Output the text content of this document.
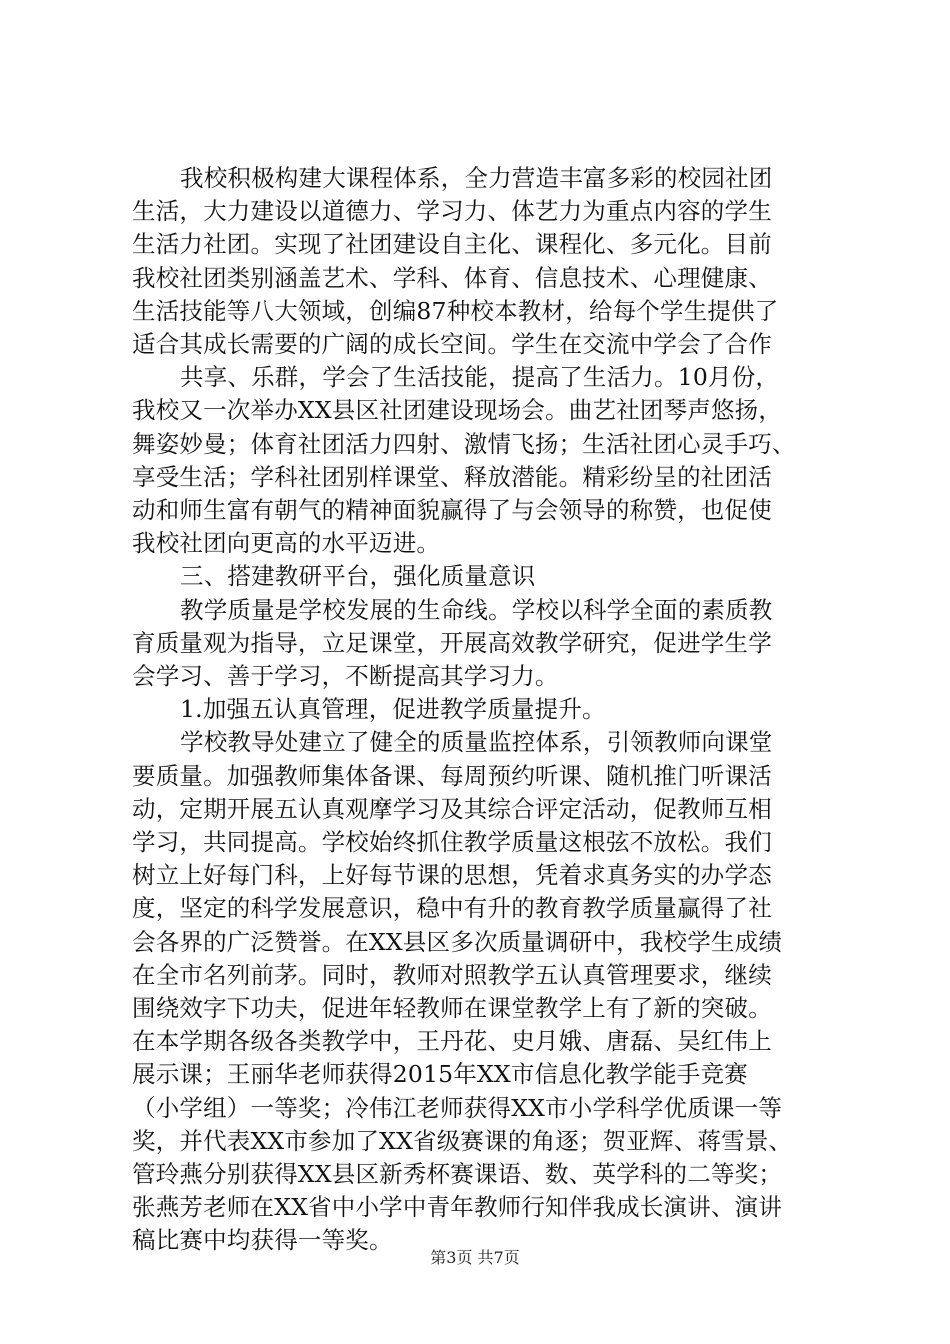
我校积极构建大课程体系，全力营造丰富多彩的校园社团
生活，大力建设以道德力、学习力、体艺力为重点内容的学生
生活力社团。实现了社团建设自主化、课程化、多元化。目前
我校社团类别涵盖艺术、学科、体育、信息技术、心理健康、
生活技能等八大领域，创编87种校本教材，给每个学生提供了
适合其成长需要的广阔的成长空间。学生在交流中学会了合作
共享、乐群，学会了生活技能，提高了生活力。10月份，
我校又一次举办XX县区社团建设现场会。曲艺社团琴声悠扬，
舞姿妙曼；体育社团活力四射、激情飞扬；生活社团心灵手巧、
享受生活；学科社团别样课堂、释放潜能。精彩纷呈的社团活
动和师生富有朝气的精神面貌赢得了与会领导的称赞，也促使
我校社团向更高的水平迈进。
三、搭建教研平台，强化质量意识
教学质量是学校发展的生命线。学校以科学全面的素质教
育质量观为指导，立足课堂，开展高效教学研究，促进学生学
会学习、善于学习，不断提高其学习力。
1.加强五认真管理，促进教学质量提升。
学校教导处建立了健全的质量监控体系，引领教师向课堂
要质量。加强教师集体备课、每周预约听课、随机推门听课活
动，定期开展五认真观摩学习及其综合评定活动，促教师互相
学习，共同提高。学校始终抓住教学质量这根弦不放松。我们
树立上好每门科，上好每节课的思想，凭着求真务实的办学态
度，坚定的科学发展意识，稳中有升的教育教学质量赢得了社
会各界的广泛赞誉。在XX县区多次质量调研中，我校学生成绩
在全市名列前茅。同时，教师对照教学五认真管理要求，继续
围绕效字下功夫，促进年轻教师在课堂教学上有了新的突破。
在本学期各级各类教学中，王丹花、史月娥、唐磊、吴红伟上
展示课；王丽华老师获得2015年XX市信息化教学能手竞赛
（小学组）一等奖；冷伟江老师获得XX市小学科学优质课一等
奖，并代表XX市参加了XX省级赛课的角逐；贺亚辉、蒋雪景、
管玲燕分别获得XX县区新秀杯赛课语、数、英学科的二等奖；
张燕芳老师在XX省中小学中青年教师行知伴我成长演讲、演讲
稿比赛中均获得一等奖。
第3页 共7页
